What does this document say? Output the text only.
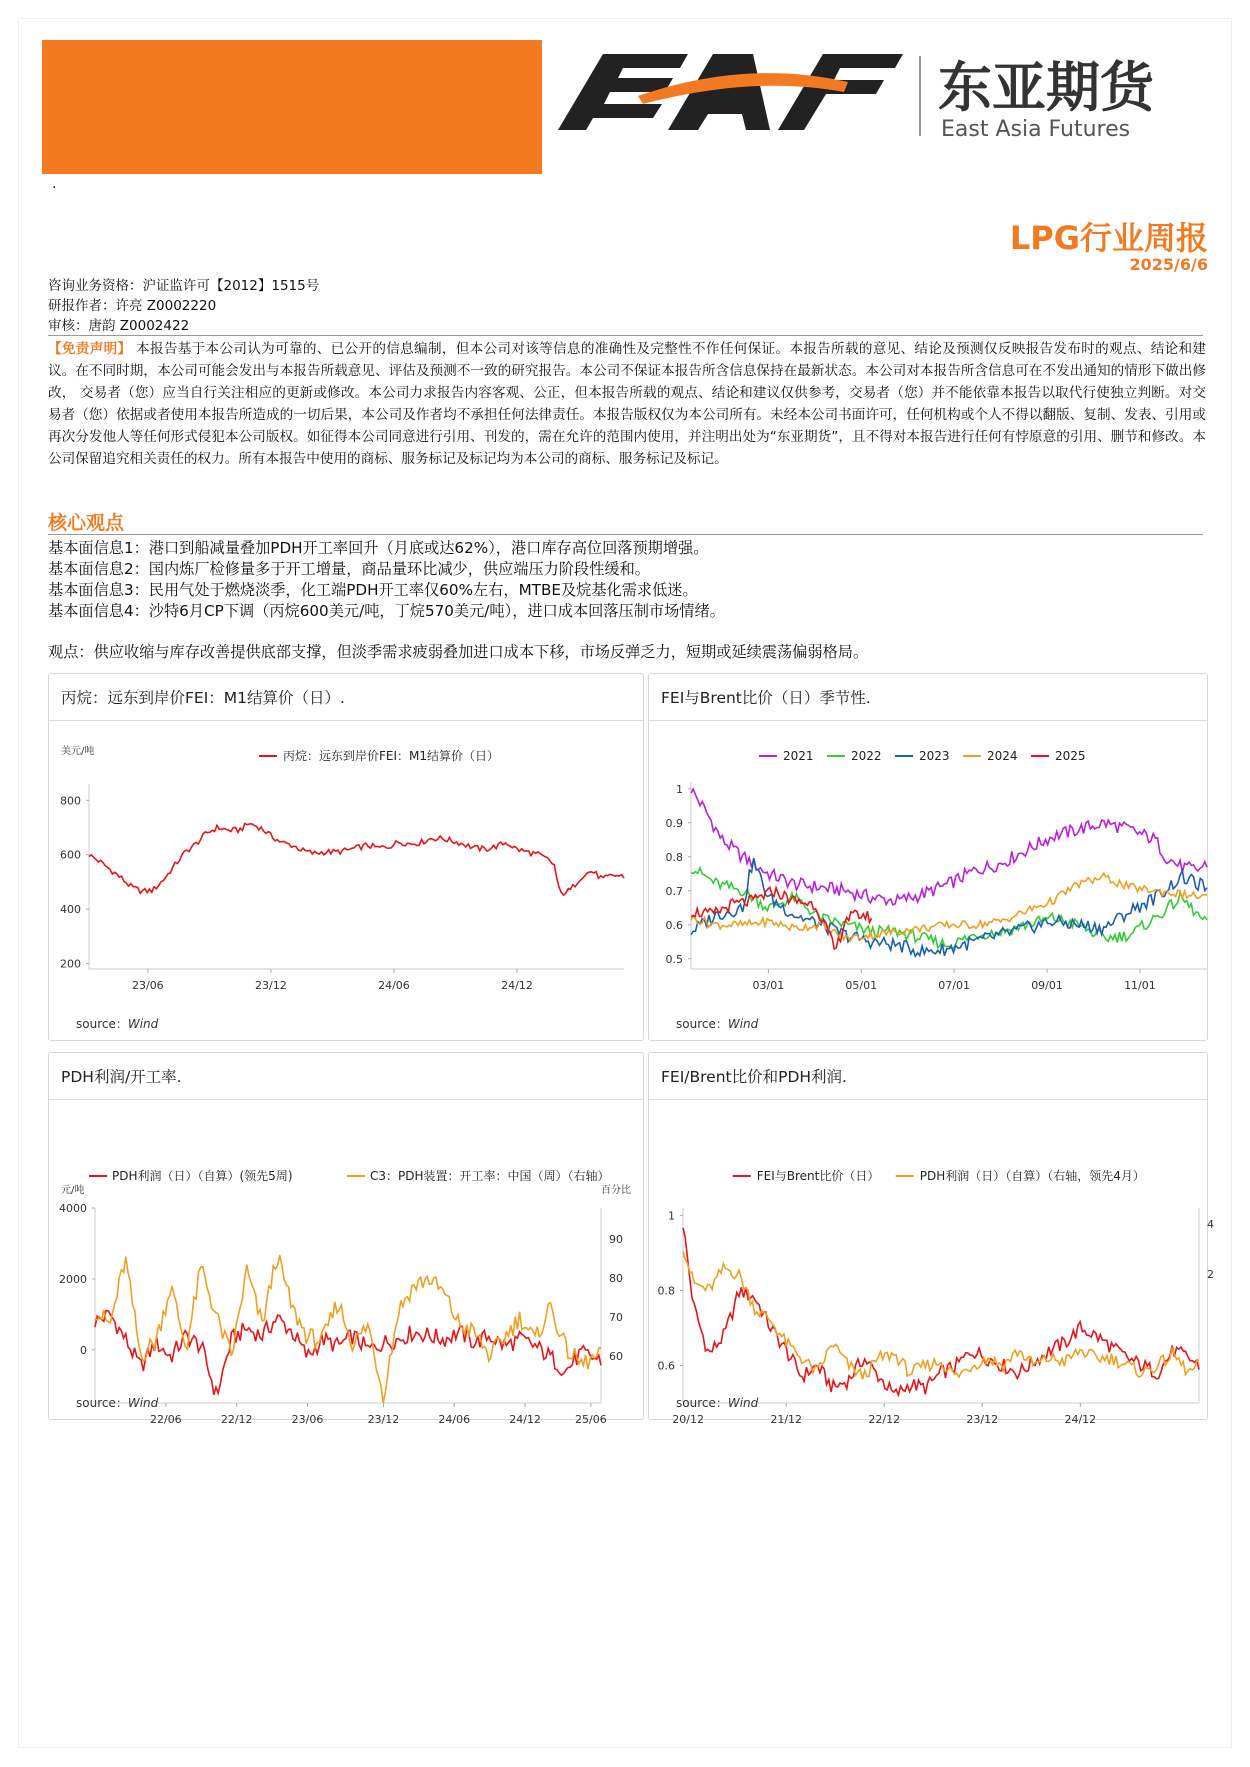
东亚期货
East Asia Futures
.
LPG行业周报
2025/6/6
咨询业务资格：沪证监许可【2012】1515号
研报作者：许亮 Z0002220
审核：唐韵 Z0002422
【免责声明】 本报告基于本公司认为可靠的、已公开的信息编制，但本公司对该等信息的准确性及完整性不作任何保证。本报告所载的意见、结论及预测仅反映报告发布时的观点、结论和建议。在不同时期，本公司可能会发出与本报告所载意见、评估及预测不一致的研究报告。本公司不保证本报告所含信息保持在最新状态。本公司对本报告所含信息可在不发出通知的情形下做出修改， 交易者（您）应当自行关注相应的更新或修改。本公司力求报告内容客观、公正，但本报告所载的观点、结论和建议仅供参考，交易者（您）并不能依靠本报告以取代行使独立判断。对交易者（您）依据或者使用本报告所造成的一切后果，本公司及作者均不承担任何法律责任。本报告版权仅为本公司所有。未经本公司书面许可，任何机构或个人不得以翻版、复制、发表、引用或再次分发他人等任何形式侵犯本公司版权。如征得本公司同意进行引用、刊发的，需在允许的范围内使用，并注明出处为“东亚期货”，且不得对本报告进行任何有悖原意的引用、删节和修改。本公司保留追究相关责任的权力。所有本报告中使用的商标、服务标记及标记均为本公司的商标、服务标记及标记。
核心观点
基本面信息1：港口到船减量叠加PDH开工率回升（月底或达62%），港口库存高位回落预期增强。
基本面信息2：国内炼厂检修量多于开工增量，商品量环比减少，供应端压力阶段性缓和。
基本面信息3：民用气处于燃烧淡季，化工端PDH开工率仅60%左右，MTBE及烷基化需求低迷。
基本面信息4：沙特6月CP下调（丙烷600美元/吨，丁烷570美元/吨），进口成本回落压制市场情绪。
观点：供应收缩与库存改善提供底部支撑，但淡季需求疲弱叠加进口成本下移，市场反弹乏力，短期或延续震荡偏弱格局。
丙烷：远东到岸价FEI：M1结算价（日）.
美元/吨	丙烷：远东到岸价FEI：M1结算价（日）
200
400
600
800
23/06	23/12	24/06	24/12
source：Wind
FEI与Brent比价（日）季节性.
2021	2022	2023	2024	2025
0.5
0.6
0.7
0.8
0.9
1
03/01	05/01	07/01	09/01	11/01
source：Wind
PDH利润/开工率.
元/吨	百分比
PDH利润（日）（自算）(领先5周)	C3：PDH装置：开工率：中国（周）（右轴）
0
2000
4000
60
70
80
90
22/06	22/12	23/06	23/12	24/06	24/12	25/06
source：Wind
FEI/Brent比价和PDH利润.
FEI与Brent比价（日）	PDH利润（日）（自算）（右轴，领先4月）
0.6
0.8
1
2
4
20/12	21/12	22/12	23/12	24/12
source：Wind
